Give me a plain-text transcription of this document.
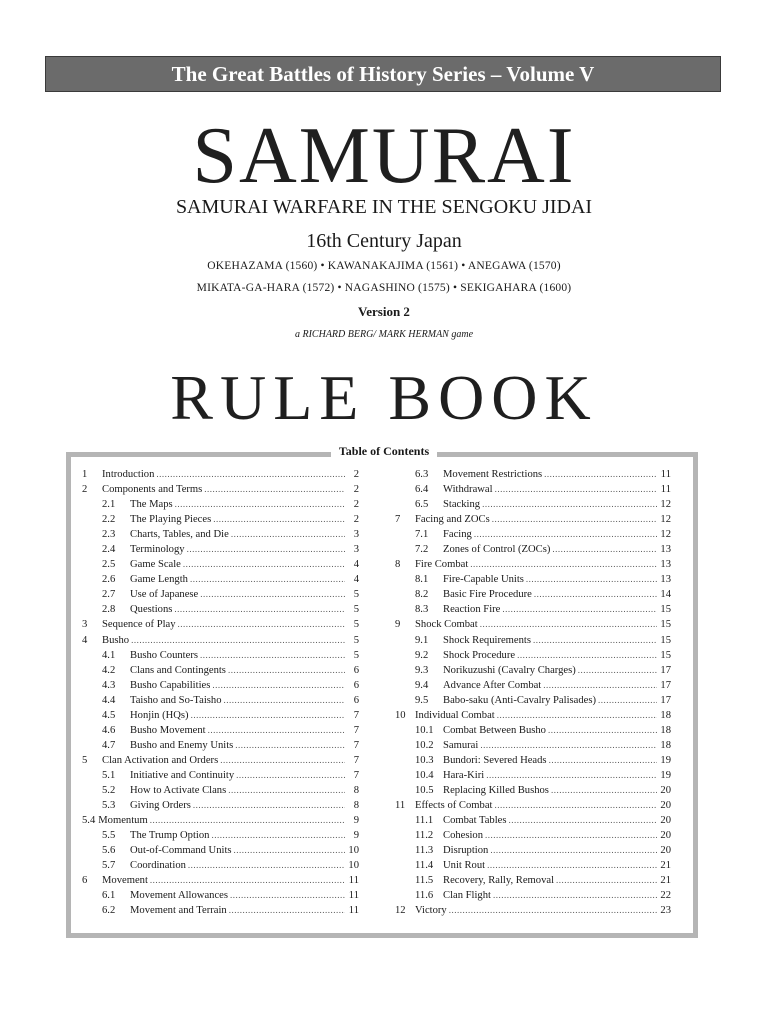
The Great Battles of History Series – Volume V
SAMURAI
SAMURAI WARFARE IN THE SENGOKU JIDAI
16th Century Japan
OKEHAZAMA (1560) • KAWANAKAJIMA (1561) • ANEGAWA (1570)
MIKATA-GA-HARA (1572) • NAGASHINO (1575) • SEKIGAHARA (1600)
Version 2
a RICHARD BERG/ MARK HERMAN game
RULE BOOK
Table of Contents
1	Introduction .....	2
2	Components and Terms .....	2
2.1	The Maps .....	2
2.2	The Playing Pieces .....	2
2.3	Charts, Tables, and Die .....	3
2.4	Terminology .....	3
2.5	Game Scale .....	4
2.6	Game Length .....	4
2.7	Use of Japanese .....	5
2.8	Questions .....	5
3	Sequence of Play .....	5
4	Busho .....	5
4.1	Busho Counters .....	5
4.2	Clans and Contingents .....	6
4.3	Busho Capabilities .....	6
4.4	Taisho and So-Taisho .....	6
4.5	Honjin (HQs) .....	7
4.6	Busho Movement .....	7
4.7	Busho and Enemy Units .....	7
5	Clan Activation and Orders .....	7
5.1	Initiative and Continuity .....	7
5.2	How to Activate Clans .....	8
5.3	Giving Orders .....	8
5.4 Momentum .....	9
5.5	The Trump Option .....	9
5.6	Out-of-Command Units .....	10
5.7	Coordination .....	10
6	Movement .....	11
6.1	Movement Allowances .....	11
6.2	Movement and Terrain .....	11
6.3	Movement Restrictions .....	11
6.4	Withdrawal .....	11
6.5	Stacking .....	12
7	Facing and ZOCs .....	12
7.1	Facing .....	12
7.2	Zones of Control (ZOCs) .....	13
8	Fire Combat .....	13
8.1	Fire-Capable Units .....	13
8.2	Basic Fire Procedure .....	14
8.3	Reaction Fire .....	15
9	Shock Combat .....	15
9.1	Shock Requirements .....	15
9.2	Shock Procedure .....	15
9.3	Norikuzushi (Cavalry Charges) .....	17
9.4	Advance After Combat .....	17
9.5	Babo-saku (Anti-Cavalry Palisades) .....	17
10 Individual Combat .....	18
10.1 Combat Between Busho .....	18
10.2 Samurai .....	18
10.3 Bundori: Severed Heads .....	19
10.4 Hara-Kiri .....	19
10.5 Replacing Killed Bushos .....	20
11 Effects of Combat .....	20
11.1 Combat Tables .....	20
11.2 Cohesion .....	20
11.3 Disruption .....	20
11.4 Unit Rout .....	21
11.5 Recovery, Rally, Removal .....	21
11.6 Clan Flight .....	22
12 Victory .....	23
